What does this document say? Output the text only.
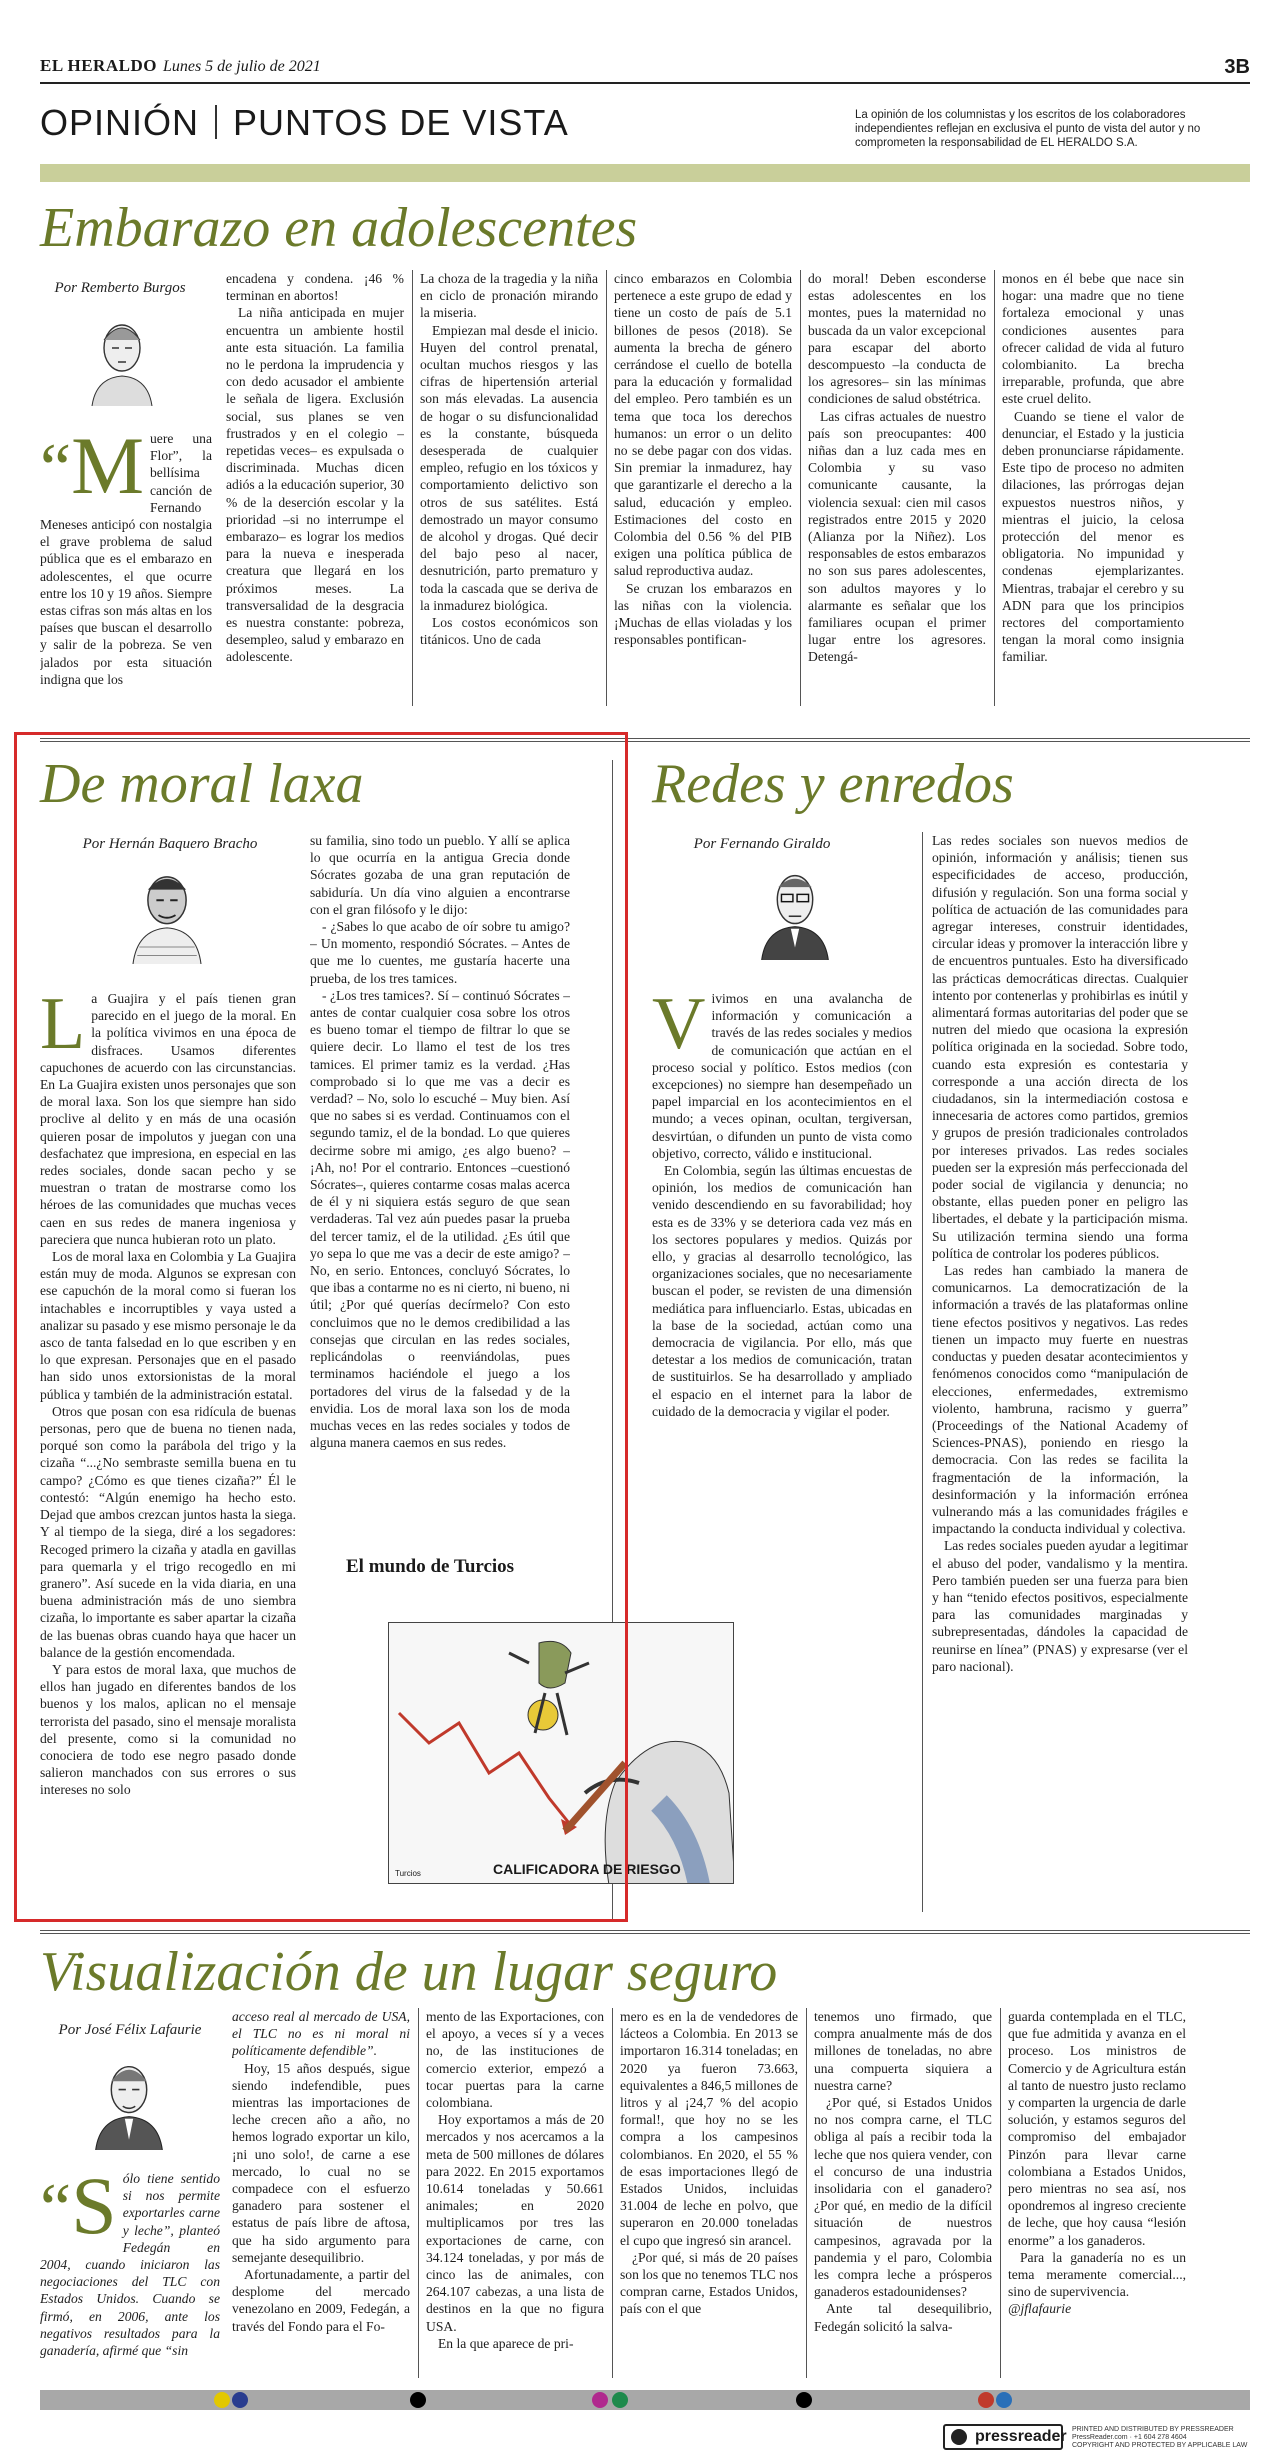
EL HERALDO Lunes 5 de julio de 2021	3B
OPINIÓN PUNTOS DE VISTA	La opinión de los columnistas y los escritos de los colaboradores independientes reflejan en exclusiva el punto de vista del autor y no comprometen la responsabilidad de EL HERALDO S.A.
Embarazo en adolescentes
Por Remberto Burgos
“M uere una Flor”, la bellísima canción de Fernando Meneses anticipó con nostalgia el grave problema de salud pública que es el embarazo en adolescentes, el que ocurre entre los 10 y 19 años. Siempre estas cifras son más altas en los países que buscan el desarrollo y salir de la pobreza. Se ven jalados por esta situación indigna que los

encadena y condena. ¡46 % terminan en abortos!

La niña anticipada en mujer encuentra un ambiente hostil ante esta situación. La familia no le perdona la imprudencia y con dedo acusador el ambiente le señala de ligera. Exclusión social, sus planes se ven frustrados y en el colegio –repetidas veces– es expulsada o discriminada. Muchas dicen adiós a la educación superior, 30 % de la deserción escolar y la prioridad –si no interrumpe el embarazo– es lograr los medios para la nueva e inesperada creatura que llegará en los próximos meses. La transversalidad de la desgracia es nuestra constante: pobreza, desempleo, salud y embarazo en adolescente.

La choza de la tragedia y la niña en ciclo de pronación mirando la miseria.

Empiezan mal desde el inicio. Huyen del control prenatal, ocultan muchos riesgos y las cifras de hipertensión arterial son más elevadas. La ausencia de hogar o su disfuncionalidad es la constante, búsqueda desesperada de cualquier empleo, refugio en los tóxicos y comportamiento delictivo son otros de sus satélites. Está demostrado un mayor consumo de alcohol y drogas. Qué decir del bajo peso al nacer, desnutrición, parto prematuro y toda la cascada que se deriva de la inmadurez biológica.

Los costos económicos son titánicos. Uno de cada

cinco embarazos en Colombia pertenece a este grupo de edad y tiene un costo de país de 5.1 billones de pesos (2018). Se aumenta la brecha de género cerrándose el cuello de botella para la educación y formalidad del empleo. Pero también es un tema que toca los derechos humanos: un error o un delito no se debe pagar con dos vidas. Sin premiar la inmadurez, hay que garantizarle el derecho a la salud, educación y empleo. Estimaciones del costo en Colombia del 0.56 % del PIB exigen una política pública de salud reproductiva audaz.

Se cruzan los embarazos en las niñas con la violencia. ¡Muchas de ellas violadas y los responsables pontifican-

do moral! Deben esconderse estas adolescentes en los montes, pues la maternidad no buscada da un valor excepcional para escapar del aborto descompuesto –la conducta de los agresores– sin las mínimas condiciones de salud obstétrica.

Las cifras actuales de nuestro país son preocupantes: 400 niñas dan a luz cada mes en Colombia y su vaso comunicante causante, la violencia sexual: cien mil casos registrados entre 2015 y 2020 (Alianza por la Niñez). Los responsables de estos embarazos no son sus pares adolescentes, son adultos mayores y lo alarmante es señalar que los familiares ocupan el primer lugar entre los agresores. Detengá-

monos en él bebe que nace sin hogar: una madre que no tiene fortaleza emocional y unas condiciones ausentes para ofrecer calidad de vida al futuro colombianito. La brecha irreparable, profunda, que abre este cruel delito.

Cuando se tiene el valor de denunciar, el Estado y la justicia deben pronunciarse rápidamente. Este tipo de proceso no admiten dilaciones, las prórrogas dejan expuestos nuestros niños, y mientras el juicio, la celosa protección del menor es obligatoria. No impunidad y condenas ejemplarizantes. Mientras, trabajar el cerebro y su ADN para que los principios rectores del comportamiento tengan la moral como insignia familiar.

De moral laxa
Por Hernán Baquero Bracho
La Guajira y el país tienen gran parecido en el juego de la moral. En la política vivimos en una época de disfraces. Usamos diferentes capuchones de acuerdo con las circunstancias. En La Guajira existen unos personajes que son de moral laxa. Son los que siempre han sido proclive al delito y en más de una ocasión quieren posar de impolutos y juegan con una desfachatez que impresiona, en especial en las redes sociales, donde sacan pecho y se muestran o tratan de mostrarse como los héroes de las comunidades que muchas veces caen en sus redes de manera ingeniosa y pareciera que nunca hubieran roto un plato.

Los de moral laxa en Colombia y La Guajira están muy de moda. Algunos se expresan con ese capuchón de la moral como si fueran los intachables e incorruptibles y vaya usted a analizar su pasado y ese mismo personaje le da asco de tanta falsedad en lo que escriben y en lo que expresan. Personajes que en el pasado han sido unos extorsionistas de la moral pública y también de la administración estatal.

Otros que posan con esa ridícula de buenas personas, pero que de buena no tienen nada, porqué son como la parábola del trigo y la cizaña “...¿No sembraste semilla buena en tu campo? ¿Cómo es que tienes cizaña?” Él le contestó: “Algún enemigo ha hecho esto. Dejad que ambos crezcan juntos hasta la siega. Y al tiempo de la siega, diré a los segadores: Recoged primero la cizaña y atadla en gavillas para quemarla y el trigo recogedlo en mi granero”. Así sucede en la vida diaria, en una buena administración más de uno siembra cizaña, lo importante es saber apartar la cizaña de las buenas obras cuando haya que hacer un balance de la gestión encomendada.

Y para estos de moral laxa, que muchos de ellos han jugado en diferentes bandos de los buenos y los malos, aplican no el mensaje terrorista del pasado, sino el mensaje moralista del presente, como si la comunidad no conociera de todo ese negro pasado donde salieron manchados con sus errores o sus intereses no solo

su familia, sino todo un pueblo. Y allí se aplica lo que ocurría en la antigua Grecia donde Sócrates gozaba de una gran reputación de sabiduría. Un día vino alguien a encontrarse con el gran filósofo y le dijo:

- ¿Sabes lo que acabo de oír sobre tu amigo? – Un momento, respondió Sócrates. – Antes de que me lo cuentes, me gustaría hacerte una prueba, de los tres tamices.

- ¿Los tres tamices?. Sí – continuó Sócrates – antes de contar cualquier cosa sobre los otros es bueno tomar el tiempo de filtrar lo que se quiere decir. Lo llamo el test de los tres tamices. El primer tamiz es la verdad. ¿Has comprobado si lo que me vas a decir es verdad? – No, solo lo escuché – Muy bien. Así que no sabes si es verdad. Continuamos con el segundo tamiz, el de la bondad. Lo que quieres decirme sobre mi amigo, ¿es algo bueno? – ¡Ah, no! Por el contrario. Entonces –cuestionó Sócrates–, quieres contarme cosas malas acerca de él y ni siquiera estás seguro de que sean verdaderas. Tal vez aún puedes pasar la prueba del tercer tamiz, el de la utilidad. ¿Es útil que yo sepa lo que me vas a decir de este amigo? – No, en serio. Entonces, concluyó Sócrates, lo que ibas a contarme no es ni cierto, ni bueno, ni útil; ¿Por qué querías decírmelo? Con esto concluimos que no le demos credibilidad a las consejas que circulan en las redes sociales, replicándolas o reenviándolas, pues terminamos haciéndole el juego a los portadores del virus de la falsedad y de la envidia. Los de moral laxa son los de moda muchas veces en las redes sociales y todos de alguna manera caemos en sus redes.

El mundo de Turcios
CALIFICADORA DE RIESGO
Turcios
Redes y enredos
Por Fernando Giraldo
Vivimos en una avalancha de información y comunicación a través de las redes sociales y medios de comunicación que actúan en el proceso social y político. Estos medios (con excepciones) no siempre han desempeñado un papel imparcial en los acontecimientos en el mundo; a veces opinan, ocultan, tergiversan, desvirtúan, o difunden un punto de vista como objetivo, correcto, válido e institucional.

En Colombia, según las últimas encuestas de opinión, los medios de comunicación han venido descendiendo en su favorabilidad; hoy esta es de 33% y se deteriora cada vez más en los sectores populares y medios. Quizás por ello, y gracias al desarrollo tecnológico, las organizaciones sociales, que no necesariamente buscan el poder, se revisten de una dimensión mediática para influenciarlo. Estas, ubicadas en la base de la sociedad, actúan como una democracia de vigilancia. Por ello, más que detestar a los medios de comunicación, tratan de sustituirlos. Se ha desarrollado y ampliado el espacio en el internet para la labor de cuidado de la democracia y vigilar el poder.

Las redes sociales son nuevos medios de opinión, información y análisis; tienen sus especificidades de acceso, producción, difusión y regulación. Son una forma social y política de actuación de las comunidades para agregar intereses, construir identidades, circular ideas y promover la interacción libre y de encuentros puntuales. Esto ha diversificado las prácticas democráticas directas. Cualquier intento por contenerlas y prohibirlas es inútil y alimentará formas autoritarias del poder que se nutren del miedo que ocasiona la expresión política originada en la sociedad. Sobre todo, cuando esta expresión es contestaria y corresponde a una acción directa de los ciudadanos, sin la intermediación costosa e innecesaria de actores como partidos, gremios y grupos de presión tradicionales controlados por intereses privados. Las redes sociales pueden ser la expresión más perfeccionada del poder social de vigilancia y denuncia; no obstante, ellas pueden poner en peligro las libertades, el debate y la participación misma. Su utilización termina siendo una forma política de controlar los poderes públicos.

Las redes han cambiado la manera de comunicarnos. La democratización de la información a través de las plataformas online tiene efectos positivos y negativos. Las redes tienen un impacto muy fuerte en nuestras conductas y pueden desatar acontecimientos y fenómenos conocidos como “manipulación de elecciones, enfermedades, extremismo violento, hambruna, racismo y guerra” (Proceedings of the National Academy of Sciences-PNAS), poniendo en riesgo la democracia. Con las redes se facilita la fragmentación de la información, la desinformación y la información errónea vulnerando más a las comunidades frágiles e impactando la conducta individual y colectiva.

Las redes sociales pueden ayudar a legitimar el abuso del poder, vandalismo y la mentira. Pero también pueden ser una fuerza para bien y han “tenido efectos positivos, especialmente para las comunidades marginadas y subrepresentadas, dándoles la capacidad de reunirse en línea” (PNAS) y expresarse (ver el paro nacional).

Visualización de un lugar seguro
Por José Félix Lafaurie
“S ólo tiene sentido si nos permite exportarles carne y leche”, planteó Fedegán en 2004, cuando iniciaron las negociaciones del TLC con Estados Unidos. Cuando se firmó, en 2006, ante los negativos resultados para la ganadería, afirmé que “sin

acceso real al mercado de USA, el TLC no es ni moral ni políticamente defendible”.

Hoy, 15 años después, sigue siendo indefendible, pues mientras las importaciones de leche crecen año a año, no hemos logrado exportar un kilo, ¡ni uno solo!, de carne a ese mercado, lo cual no se compadece con el esfuerzo ganadero para sostener el estatus de país libre de aftosa, que ha sido argumento para semejante desequilibrio.

Afortunadamente, a partir del desplome del mercado venezolano en 2009, Fedegán, a través del Fondo para el Fo-

mento de las Exportaciones, con el apoyo, a veces sí y a veces no, de las instituciones de comercio exterior, empezó a tocar puertas para la carne colombiana.

Hoy exportamos a más de 20 mercados y nos acercamos a la meta de 500 millones de dólares para 2022. En 2015 exportamos 10.614 toneladas y 50.661 animales; en 2020 multiplicamos por tres las exportaciones de carne, con 34.124 toneladas, y por más de cinco las de animales, con 264.107 cabezas, a una lista de destinos en la que no figura USA.

En la que aparece de pri-

mero es en la de vendedores de lácteos a Colombia. En 2013 se importaron 16.314 toneladas; en 2020 ya fueron 73.663, equivalentes a 846,5 millones de litros y al ¡24,7 % del acopio formal!, que hoy no se les compra a los campesinos colombianos. En 2020, el 55 % de esas importaciones llegó de Estados Unidos, incluidas 31.004 de leche en polvo, que superaron en 20.000 toneladas el cupo que ingresó sin arancel.

¿Por qué, si más de 20 países son los que no tenemos TLC nos compran carne, Estados Unidos, país con el que

tenemos uno firmado, que compra anualmente más de dos millones de toneladas, no abre una compuerta siquiera a nuestra carne?

¿Por qué, si Estados Unidos no nos compra carne, el TLC obliga al país a recibir toda la leche que nos quiera vender, con el concurso de una industria insolidaria con el ganadero? ¿Por qué, en medio de la difícil situación de nuestros campesinos, agravada por la pandemia y el paro, Colombia les compra leche a prósperos ganaderos estadounidenses?

Ante tal desequilibrio, Fedegán solicitó la salva-

guarda contemplada en el TLC, que fue admitida y avanza en el proceso. Los ministros de Comercio y de Agricultura están al tanto de nuestro justo reclamo y comparten la urgencia de darle solución, y estamos seguros del compromiso del embajador Pinzón para llevar carne colombiana a Estados Unidos, pero mientras no sea así, nos opondremos al ingreso creciente de leche, que hoy causa “lesión enorme” a los ganaderos.

Para la ganadería no es un tema meramente comercial..., sino de supervivencia.

@jflafaurie

pressreader PRINTED AND DISTRIBUTED BY PRESSREADER
PressReader.com · +1 604 278 4604
COPYRIGHT AND PROTECTED BY APPLICABLE LAW
